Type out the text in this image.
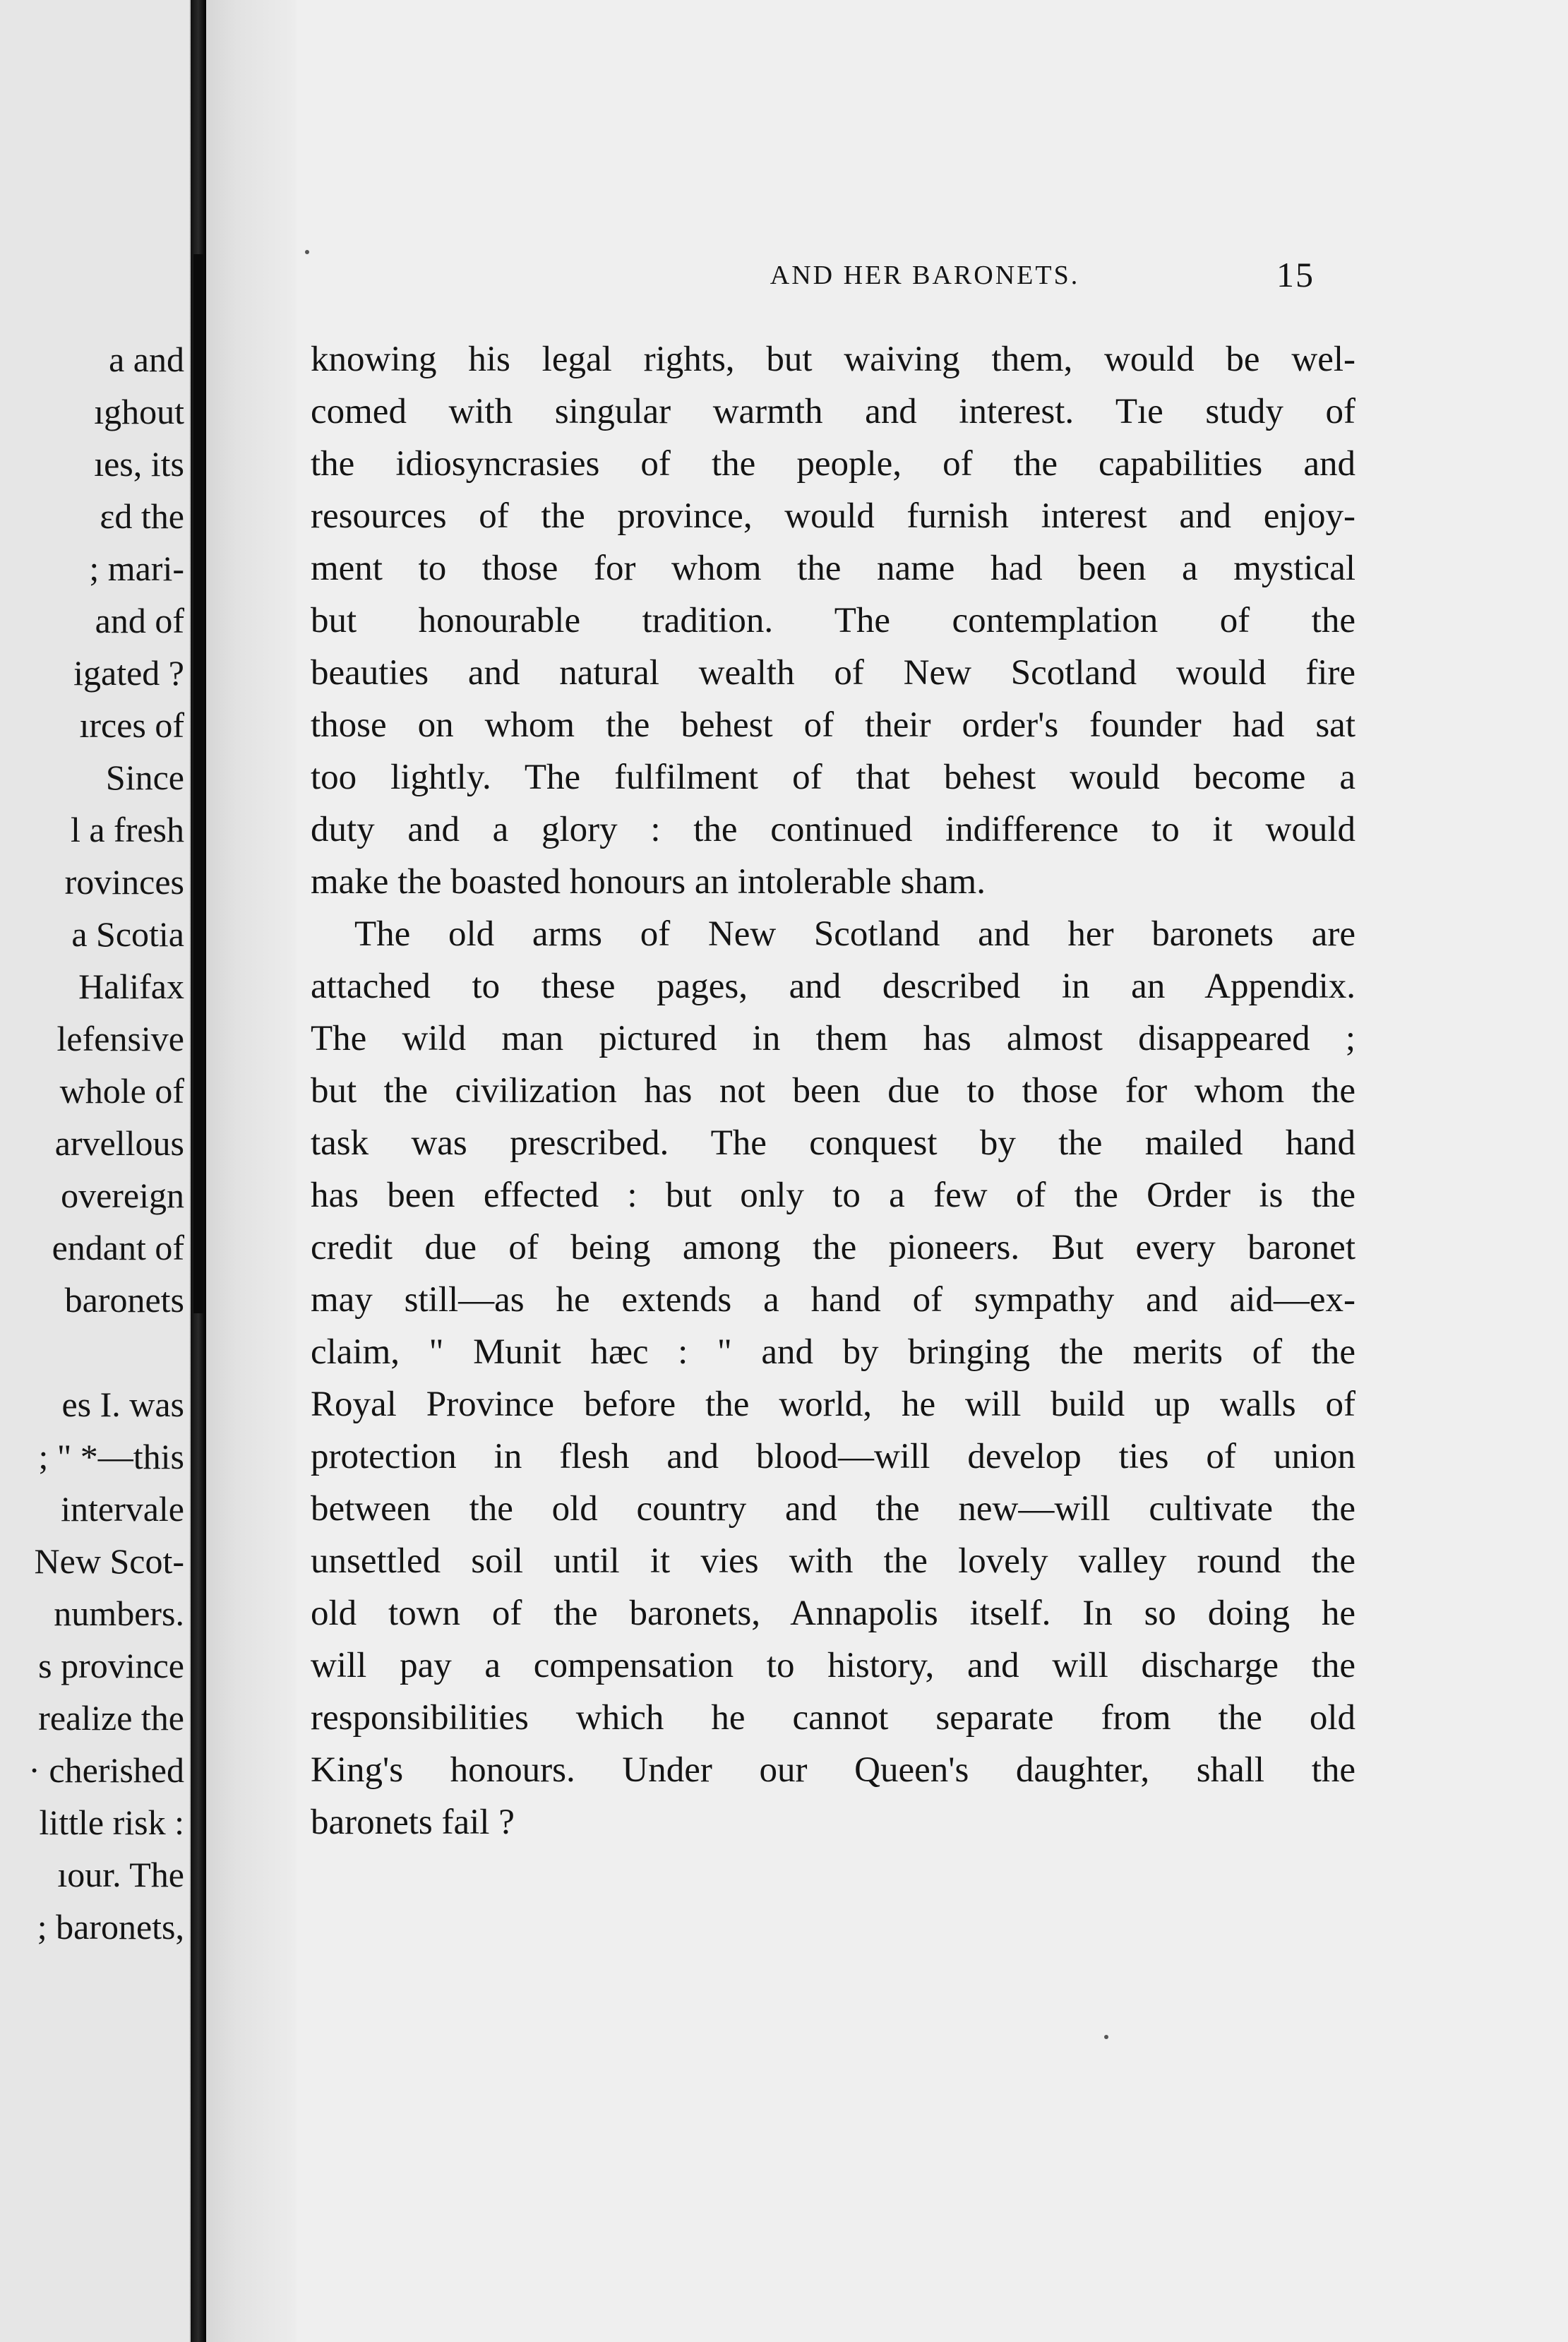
a and
ıghout
ıes, its
ɛd the
; mari-
and of
igated ?
ırces of
Since
l a fresh
rovinces
a Scotia
Halifax
lefensive
whole of
arvellous
overeign
endant of
baronets
es I. was
; " *—this
intervale
New Scot-
numbers.
s province
realize the
· cherished
little risk :
ıour. The
; baronets,
AND HER BARONETS.	15
knowing his legal rights, but waiving them, would be wel-
comed with singular warmth and interest. Tıe study of
the idiosyncrasies of the people, of the capabilities and
resources of the province, would furnish interest and enjoy-
ment to those for whom the name had been a mystical
but honourable tradition. The contemplation of the
beauties and natural wealth of New Scotland would fire
those on whom the behest of their order's founder had sat
too lightly. The fulfilment of that behest would become a
duty and a glory : the continued indifference to it would
make the boasted honours an intolerable sham.
The old arms of New Scotland and her baronets are
attached to these pages, and described in an Appendix.
The wild man pictured in them has almost disappeared ;
but the civilization has not been due to those for whom the
task was prescribed. The conquest by the mailed hand
has been effected : but only to a few of the Order is the
credit due of being among the pioneers. But every baronet
may still—as he extends a hand of sympathy and aid—ex-
claim, " Munit hæc : " and by bringing the merits of the
Royal Province before the world, he will build up walls of
protection in flesh and blood—will develop ties of union
between the old country and the new—will cultivate the
unsettled soil until it vies with the lovely valley round the
old town of the baronets, Annapolis itself. In so doing he
will pay a compensation to history, and will discharge the
responsibilities which he cannot separate from the old
King's honours. Under our Queen's daughter, shall the
baronets fail ?
